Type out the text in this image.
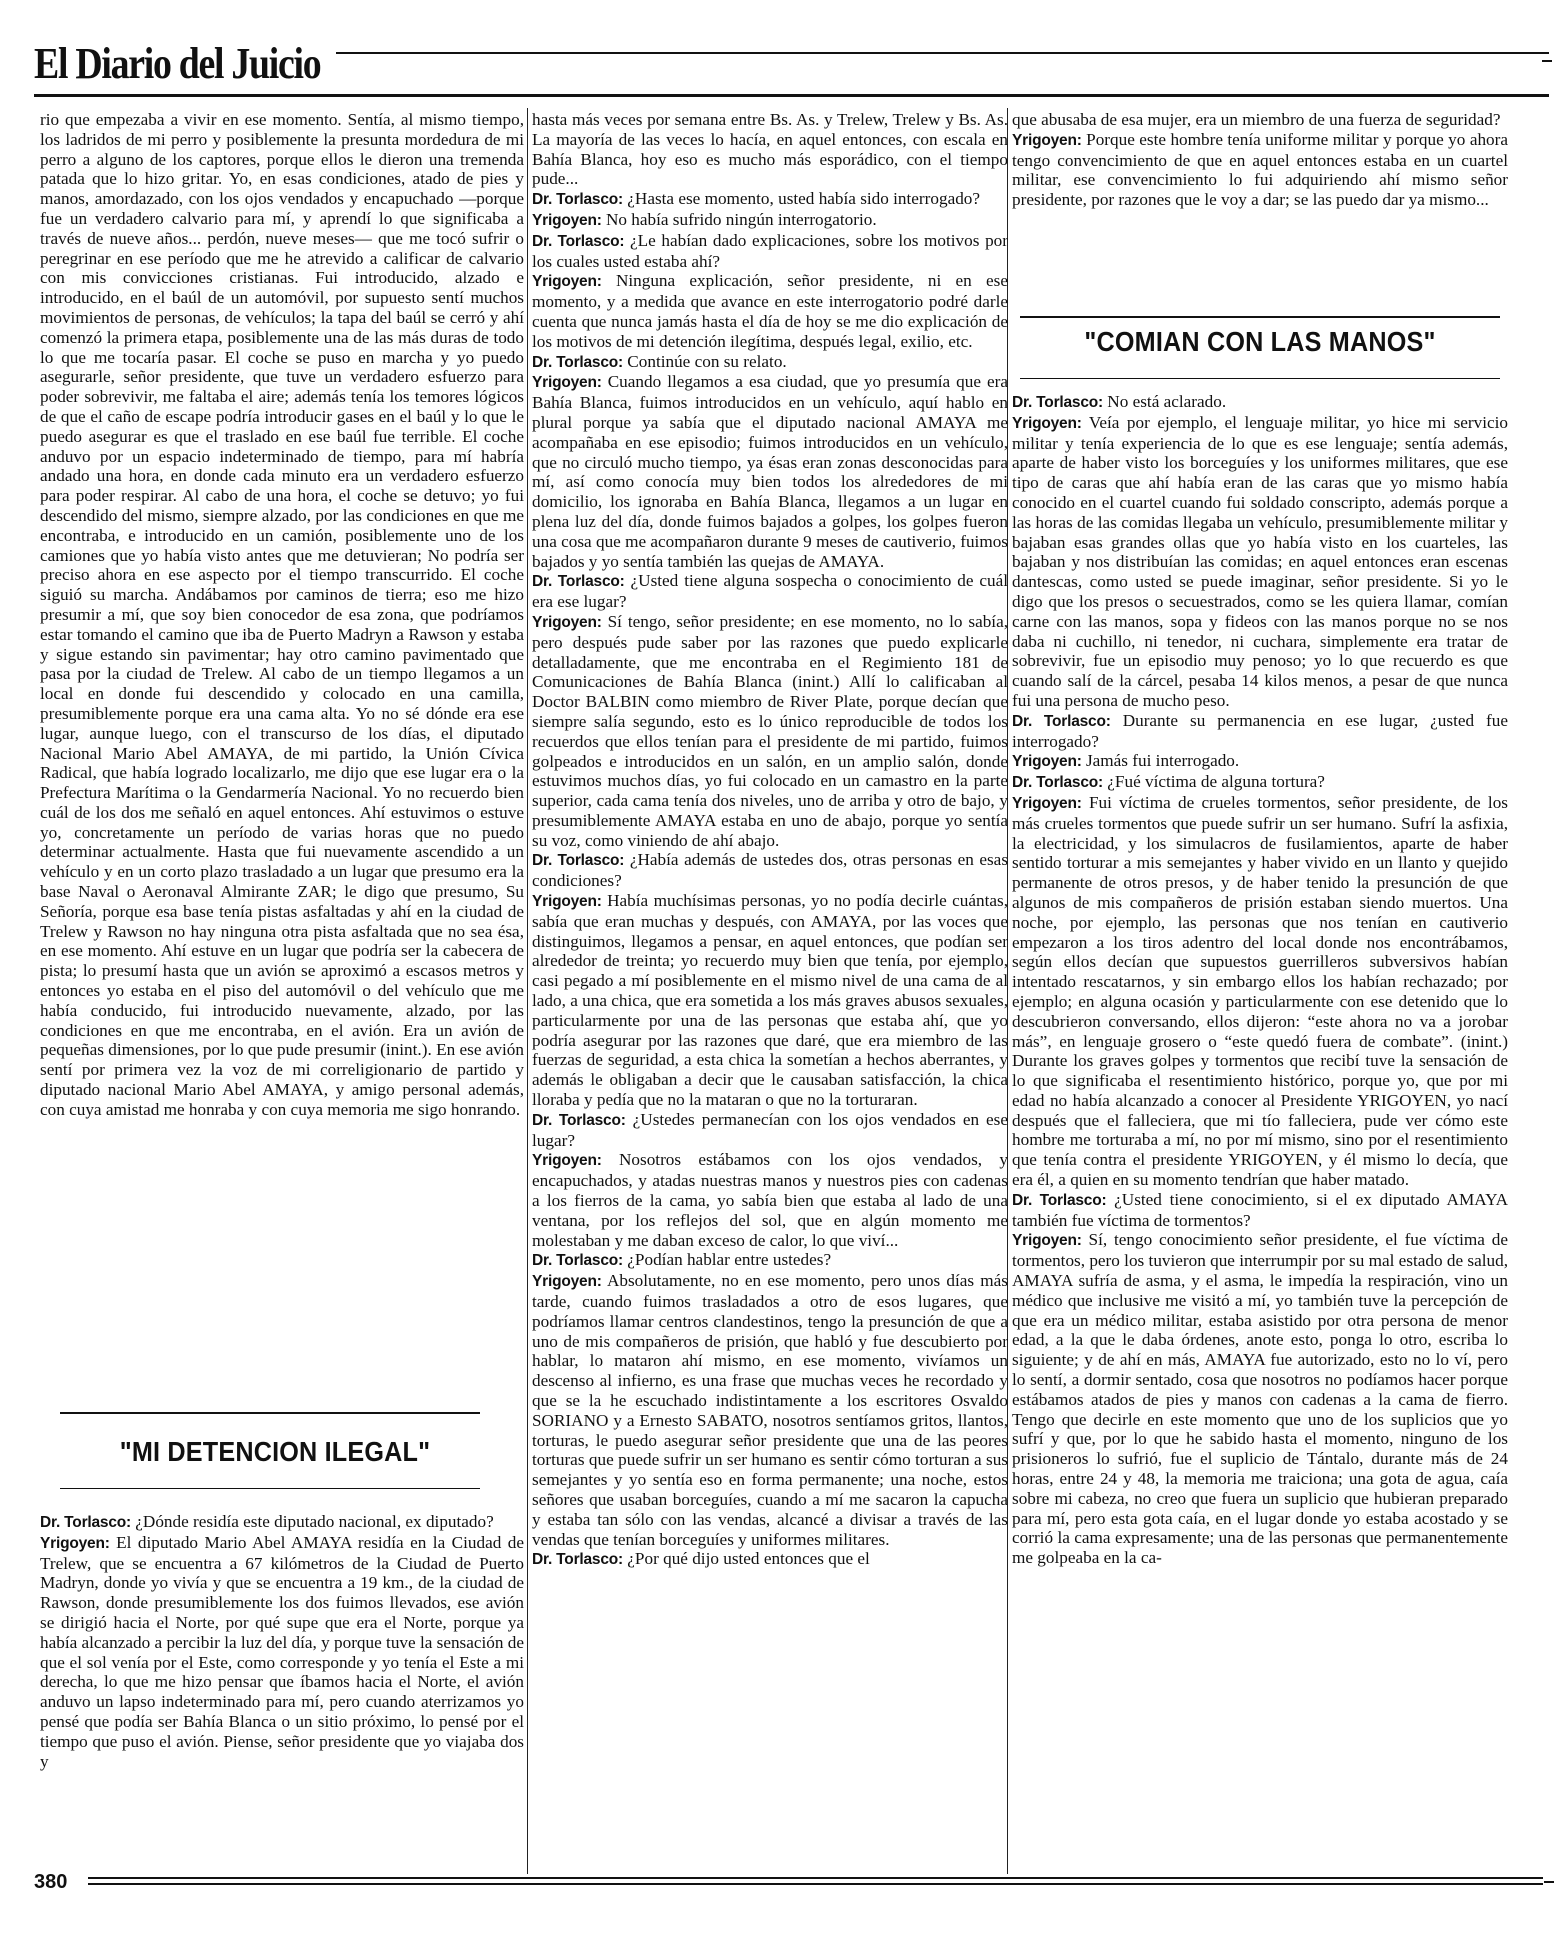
El Diario del Juicio

rio que empezaba a vivir en ese momento. Sentía, al mismo tiempo, los ladridos de mi perro y posiblemente la presunta mordedura de mi perro a alguno de los captores, porque ellos le dieron una tremenda patada que lo hizo gritar. Yo, en esas condiciones, atado de pies y manos, amordazado, con los ojos vendados y encapuchado —porque fue un verdadero calvario para mí, y aprendí lo que significaba a través de nueve años... perdón, nueve meses— que me tocó sufrir o peregrinar en ese período que me he atrevido a calificar de calvario con mis convicciones cristianas. Fui introducido, alzado e introducido, en el baúl de un automóvil, por supuesto sentí muchos movimientos de personas, de vehículos; la tapa del baúl se cerró y ahí comenzó la primera etapa, posiblemente una de las más duras de todo lo que me tocaría pasar. El coche se puso en marcha y yo puedo asegurarle, señor presidente, que tuve un verdadero esfuerzo para poder sobrevivir, me faltaba el aire; además tenía los temores lógicos de que el caño de escape podría introducir gases en el baúl y lo que le puedo asegurar es que el traslado en ese baúl fue terrible. El coche anduvo por un espacio indeterminado de tiempo, para mí habría andado una hora, en donde cada minuto era un verdadero esfuerzo para poder respirar. Al cabo de una hora, el coche se detuvo; yo fui descendido del mismo, siempre alzado, por las condiciones en que me encontraba, e introducido en un camión, posiblemente uno de los camiones que yo había visto antes que me detuvieran; No podría ser preciso ahora en ese aspecto por el tiempo transcurrido. El coche siguió su marcha. Andábamos por caminos de tierra; eso me hizo presumir a mí, que soy bien conocedor de esa zona, que podríamos estar tomando el camino que iba de Puerto Madryn a Rawson y estaba y sigue estando sin pavimentar; hay otro camino pavimentado que pasa por la ciudad de Trelew. Al cabo de un tiempo llegamos a un local en donde fui descendido y colocado en una camilla, presumiblemente porque era una cama alta. Yo no sé dónde era ese lugar, aunque luego, con el transcurso de los días, el diputado Nacional Mario Abel AMAYA, de mi partido, la Unión Cívica Radical, que había logrado localizarlo, me dijo que ese lugar era o la Prefectura Marítima o la Gendarmería Nacional. Yo no recuerdo bien cuál de los dos me señaló en aquel entonces. Ahí estuvimos o estuve yo, concretamente un período de varias horas que no puedo determinar actualmente. Hasta que fui nuevamente ascendido a un vehículo y en un corto plazo trasladado a un lugar que presumo era la base Naval o Aeronaval Almirante ZAR; le digo que presumo, Su Señoría, porque esa base tenía pistas asfaltadas y ahí en la ciudad de Trelew y Rawson no hay ninguna otra pista asfaltada que no sea ésa, en ese momento. Ahí estuve en un lugar que podría ser la cabecera de pista; lo presumí hasta que un avión se aproximó a escasos metros y entonces yo estaba en el piso del automóvil o del vehículo que me había conducido, fui introducido nuevamente, alzado, por las condiciones en que me encontraba, en el avión. Era un avión de pequeñas dimensiones, por lo que pude presumir (inint.). En ese avión sentí por primera vez la voz de mi correligionario de partido y diputado nacional Mario Abel AMAYA, y amigo personal además, con cuya amistad me honraba y con cuya memoria me sigo honrando.

"MI DETENCION ILEGAL"

Dr. Torlasco: ¿Dónde residía este diputado nacional, ex diputado?

Yrigoyen: El diputado Mario Abel AMAYA residía en la Ciudad de Trelew, que se encuentra a 67 kilómetros de la Ciudad de Puerto Madryn, donde yo vivía y que se encuentra a 19 km., de la ciudad de Rawson, donde presumiblemente los dos fuimos llevados, ese avión se dirigió hacia el Norte, por qué supe que era el Norte, porque ya había alcanzado a percibir la luz del día, y porque tuve la sensación de que el sol venía por el Este, como corresponde y yo tenía el Este a mi derecha, lo que me hizo pensar que íbamos hacia el Norte, el avión anduvo un lapso indeterminado para mí, pero cuando aterrizamos yo pensé que podía ser Bahía Blanca o un sitio próximo, lo pensé por el tiempo que puso el avión. Piense, señor presidente que yo viajaba dos y

hasta más veces por semana entre Bs. As. y Trelew, Trelew y Bs. As. La mayoría de las veces lo hacía, en aquel entonces, con escala en Bahía Blanca, hoy eso es mucho más esporádico, con el tiempo pude...

Dr. Torlasco: ¿Hasta ese momento, usted había sido interrogado?

Yrigoyen: No había sufrido ningún interrogatorio.

Dr. Torlasco: ¿Le habían dado explicaciones, sobre los motivos por los cuales usted estaba ahí?

Yrigoyen: Ninguna explicación, señor presidente, ni en ese momento, y a medida que avance en este interrogatorio podré darle cuenta que nunca jamás hasta el día de hoy se me dio explicación de los motivos de mi detención ilegítima, después legal, exilio, etc.

Dr. Torlasco: Continúe con su relato.

Yrigoyen: Cuando llegamos a esa ciudad, que yo presumía que era Bahía Blanca, fuimos introducidos en un vehículo, aquí hablo en plural porque ya sabía que el diputado nacional AMAYA me acompañaba en ese episodio; fuimos introducidos en un vehículo, que no circuló mucho tiempo, ya ésas eran zonas desconocidas para mí, así como conocía muy bien todos los alrededores de mi domicilio, los ignoraba en Bahía Blanca, llegamos a un lugar en plena luz del día, donde fuimos bajados a golpes, los golpes fueron una cosa que me acompañaron durante 9 meses de cautiverio, fuimos bajados y yo sentía también las quejas de AMAYA.

Dr. Torlasco: ¿Usted tiene alguna sospecha o conocimiento de cuál era ese lugar?

Yrigoyen: Sí tengo, señor presidente; en ese momento, no lo sabía, pero después pude saber por las razones que puedo explicarle detalladamente, que me encontraba en el Regimiento 181 de Comunicaciones de Bahía Blanca (inint.) Allí lo calificaban al Doctor BALBIN como miembro de River Plate, porque decían que siempre salía segundo, esto es lo único reproducible de todos los recuerdos que ellos tenían para el presidente de mi partido, fuimos golpeados e introducidos en un salón, en un amplio salón, donde estuvimos muchos días, yo fui colocado en un camastro en la parte superior, cada cama tenía dos niveles, uno de arriba y otro de bajo, y presumiblemente AMAYA estaba en uno de abajo, porque yo sentía su voz, como viniendo de ahí abajo.

Dr. Torlasco: ¿Había además de ustedes dos, otras personas en esas condiciones?

Yrigoyen: Había muchísimas personas, yo no podía decirle cuántas, sabía que eran muchas y después, con AMAYA, por las voces que distinguimos, llegamos a pensar, en aquel entonces, que podían ser alrededor de treinta; yo recuerdo muy bien que tenía, por ejemplo, casi pegado a mí posiblemente en el mismo nivel de una cama de al lado, a una chica, que era sometida a los más graves abusos sexuales, particularmente por una de las personas que estaba ahí, que yo podría asegurar por las razones que daré, que era miembro de las fuerzas de seguridad, a esta chica la sometían a hechos aberrantes, y además le obligaban a decir que le causaban satisfacción, la chica lloraba y pedía que no la mataran o que no la torturaran.

Dr. Torlasco: ¿Ustedes permanecían con los ojos vendados en ese lugar?

Yrigoyen: Nosotros estábamos con los ojos vendados, y encapuchados, y atadas nuestras manos y nuestros pies con cadenas a los fierros de la cama, yo sabía bien que estaba al lado de una ventana, por los reflejos del sol, que en algún momento me molestaban y me daban exceso de calor, lo que viví...

Dr. Torlasco: ¿Podían hablar entre ustedes?

Yrigoyen: Absolutamente, no en ese momento, pero unos días más tarde, cuando fuimos trasladados a otro de esos lugares, que podríamos llamar centros clandestinos, tengo la presunción de que a uno de mis compañeros de prisión, que habló y fue descubierto por hablar, lo mataron ahí mismo, en ese momento, vivíamos un descenso al infierno, es una frase que muchas veces he recordado y que se la he escuchado indistintamente a los escritores Osvaldo SORIANO y a Ernesto SABATO, nosotros sentíamos gritos, llantos, torturas, le puedo asegurar señor presidente que una de las peores torturas que puede sufrir un ser humano es sentir cómo torturan a sus semejantes y yo sentía eso en forma permanente; una noche, estos señores que usaban borceguíes, cuando a mí me sacaron la capucha y estaba tan sólo con las vendas, alcancé a divisar a través de las vendas que tenían borceguíes y uniformes militares.

Dr. Torlasco: ¿Por qué dijo usted entonces que el

que abusaba de esa mujer, era un miembro de una fuerza de seguridad?

Yrigoyen: Porque este hombre tenía uniforme militar y porque yo ahora tengo convencimiento de que en aquel entonces estaba en un cuartel militar, ese convencimiento lo fui adquiriendo ahí mismo señor presidente, por razones que le voy a dar; se las puedo dar ya mismo...

"COMIAN CON LAS MANOS"

Dr. Torlasco: No está aclarado.

Yrigoyen: Veía por ejemplo, el lenguaje militar, yo hice mi servicio militar y tenía experiencia de lo que es ese lenguaje; sentía además, aparte de haber visto los borceguíes y los uniformes militares, que ese tipo de caras que ahí había eran de las caras que yo mismo había conocido en el cuartel cuando fui soldado conscripto, además porque a las horas de las comidas llegaba un vehículo, presumiblemente militar y bajaban esas grandes ollas que yo había visto en los cuarteles, las bajaban y nos distribuían las comidas; en aquel entonces eran escenas dantescas, como usted se puede imaginar, señor presidente. Si yo le digo que los presos o secuestrados, como se les quiera llamar, comían carne con las manos, sopa y fideos con las manos porque no se nos daba ni cuchillo, ni tenedor, ni cuchara, simplemente era tratar de sobrevivir, fue un episodio muy penoso; yo lo que recuerdo es que cuando salí de la cárcel, pesaba 14 kilos menos, a pesar de que nunca fui una persona de mucho peso.

Dr. Torlasco: Durante su permanencia en ese lugar, ¿usted fue interrogado?

Yrigoyen: Jamás fui interrogado.

Dr. Torlasco: ¿Fué víctima de alguna tortura?

Yrigoyen: Fui víctima de crueles tormentos, señor presidente, de los más crueles tormentos que puede sufrir un ser humano. Sufrí la asfixia, la electricidad, y los simulacros de fusilamientos, aparte de haber sentido torturar a mis semejantes y haber vivido en un llanto y quejido permanente de otros presos, y de haber tenido la presunción de que algunos de mis compañeros de prisión estaban siendo muertos. Una noche, por ejemplo, las personas que nos tenían en cautiverio empezaron a los tiros adentro del local donde nos encontrábamos, según ellos decían que supuestos guerrilleros subversivos habían intentado rescatarnos, y sin embargo ellos los habían rechazado; por ejemplo; en alguna ocasión y particularmente con ese detenido que lo descubrieron conversando, ellos dijeron: “este ahora no va a jorobar más”, en lenguaje grosero o “este quedó fuera de combate”. (inint.) Durante los graves golpes y tormentos que recibí tuve la sensación de lo que significaba el resentimiento histórico, porque yo, que por mi edad no había alcanzado a conocer al Presidente YRIGOYEN, yo nací después que el falleciera, que mi tío falleciera, pude ver cómo este hombre me torturaba a mí, no por mí mismo, sino por el resentimiento que tenía contra el presidente YRIGOYEN, y él mismo lo decía, que era él, a quien en su momento tendrían que haber matado.

Dr. Torlasco: ¿Usted tiene conocimiento, si el ex diputado AMAYA también fue víctima de tormentos?

Yrigoyen: Sí, tengo conocimiento señor presidente, el fue víctima de tormentos, pero los tuvieron que interrumpir por su mal estado de salud, AMAYA sufría de asma, y el asma, le impedía la respiración, vino un médico que inclusive me visitó a mí, yo también tuve la percepción de que era un médico militar, estaba asistido por otra persona de menor edad, a la que le daba órdenes, anote esto, ponga lo otro, escriba lo siguiente; y de ahí en más, AMAYA fue autorizado, esto no lo ví, pero lo sentí, a dormir sentado, cosa que nosotros no podíamos hacer porque estábamos atados de pies y manos con cadenas a la cama de fierro. Tengo que decirle en este momento que uno de los suplicios que yo sufrí y que, por lo que he sabido hasta el momento, ninguno de los prisioneros lo sufrió, fue el suplicio de Tántalo, durante más de 24 horas, entre 24 y 48, la memoria me traiciona; una gota de agua, caía sobre mi cabeza, no creo que fuera un suplicio que hubieran preparado para mí, pero esta gota caía, en el lugar donde yo estaba acostado y se corrió la cama expresamente; una de las personas que permanentemente me golpeaba en la ca-

380
